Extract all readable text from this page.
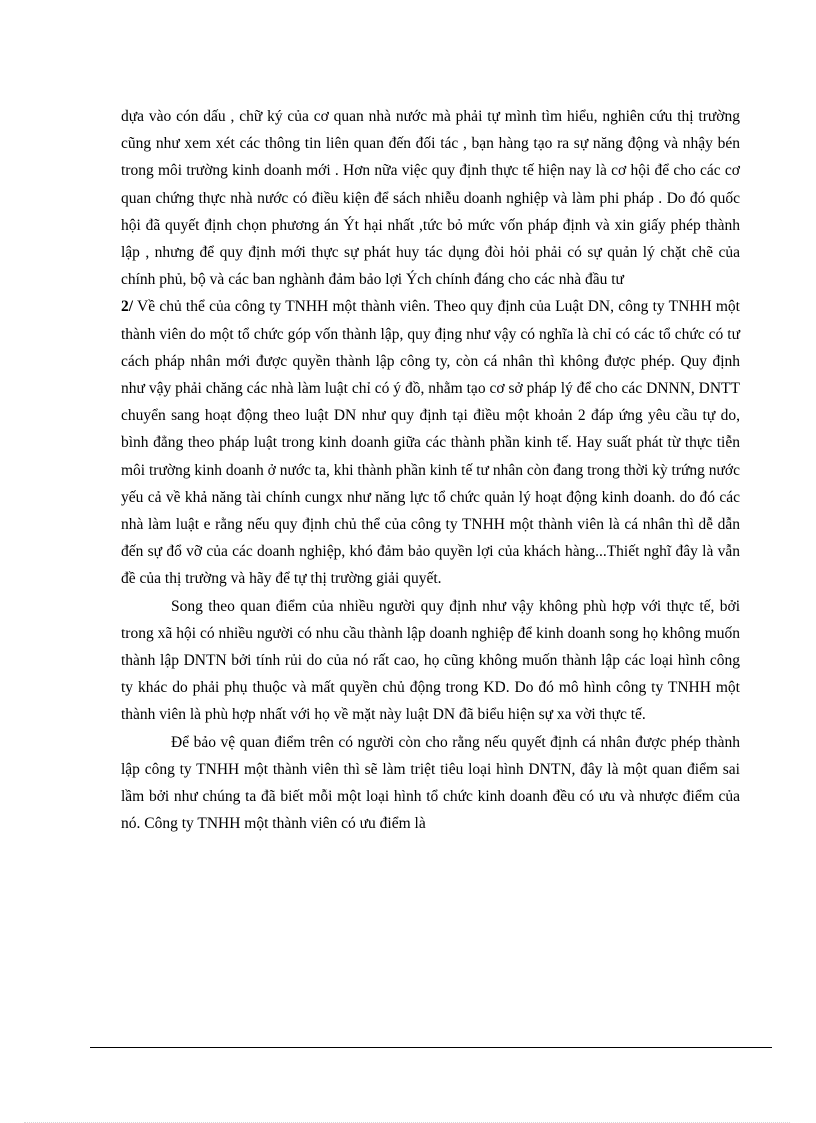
dựa vào cón dấu , chữ ký của cơ quan nhà nước mà phải tự mình tìm hiểu, nghiên cứu thị trường cũng như xem xét các thông tin liên quan đến đối tác , bạn hàng tạo ra sự năng động và nhậy bén trong môi trường kinh doanh mới . Hơn nữa việc quy định thực tế hiện nay là cơ hội để cho các cơ quan chứng thực nhà nước có điều kiện để sách nhiễu doanh nghiệp và làm phi pháp . Do đó quốc hội đã quyết định chọn phương án Ýt hại nhất ,tức bỏ mức vốn pháp định và xin giấy phép thành lập , nhưng để quy định mới thực sự phát huy tác dụng đòi hỏi phải có sự quản lý chặt chẽ của chính phủ, bộ và các ban nghành đảm bảo lợi Ých chính đáng cho các nhà đầu tư

2/ Về chủ thể của công ty TNHH một thành viên. Theo quy định của Luật DN, công ty TNHH một thành viên do một tổ chức góp vốn thành lập, quy địng như vậy có nghĩa là chỉ có các tổ chức có tư cách pháp nhân mới được quyền thành lập công ty, còn cá nhân thì không được phép. Quy định như vậy phải chăng các nhà làm luật chỉ có ý đồ, nhằm tạo cơ sở pháp lý để cho các DNNN, DNTT chuyển sang hoạt động theo luật DN như quy định tại điều một khoản 2 đáp ứng yêu cầu tự do, bình đẳng theo pháp luật trong kinh doanh giữa các thành phần kinh tế. Hay suất phát từ thực tiễn môi trường kinh doanh ở nước ta, khi thành phần kinh tế tư nhân còn đang trong thời kỳ trứng nước yếu cả về khả năng tài chính cungx như năng lực tổ chức quản lý hoạt động kinh doanh. do đó các nhà làm luật e rằng nếu quy định chủ thể của công ty TNHH một thành viên là cá nhân thì dễ dẫn đến sự đổ vỡ của các doanh nghiệp, khó đảm bảo quyền lợi của khách hàng...Thiết nghĩ đây là vẫn đề của thị trường và hãy để tự thị trường giải quyết.

Song theo quan điểm của nhiều người quy định như vậy không phù hợp với thực tế, bởi trong xã hội có nhiều người có nhu cầu thành lập doanh nghiệp để kinh doanh song họ không muốn thành lập DNTN bởi tính rủi do của nó rất cao, họ cũng không muốn thành lập các loại hình công ty khác do phải phụ thuộc và mất quyền chủ động trong KD. Do đó mô hình công ty TNHH một thành viên là phù hợp nhất với họ về mặt này luật DN đã biểu hiện sự xa vời thực tế.

Để bảo vệ quan điểm trên có người còn cho rằng nếu quyết định cá nhân được phép thành lập công ty TNHH một thành viên thì sẽ làm triệt tiêu loại hình DNTN, đây là một quan điểm sai lầm bởi như chúng ta đã biết mỗi một loại hình tổ chức kinh doanh đều có ưu và nhược điểm của nó. Công ty TNHH một thành viên có ưu điểm là
